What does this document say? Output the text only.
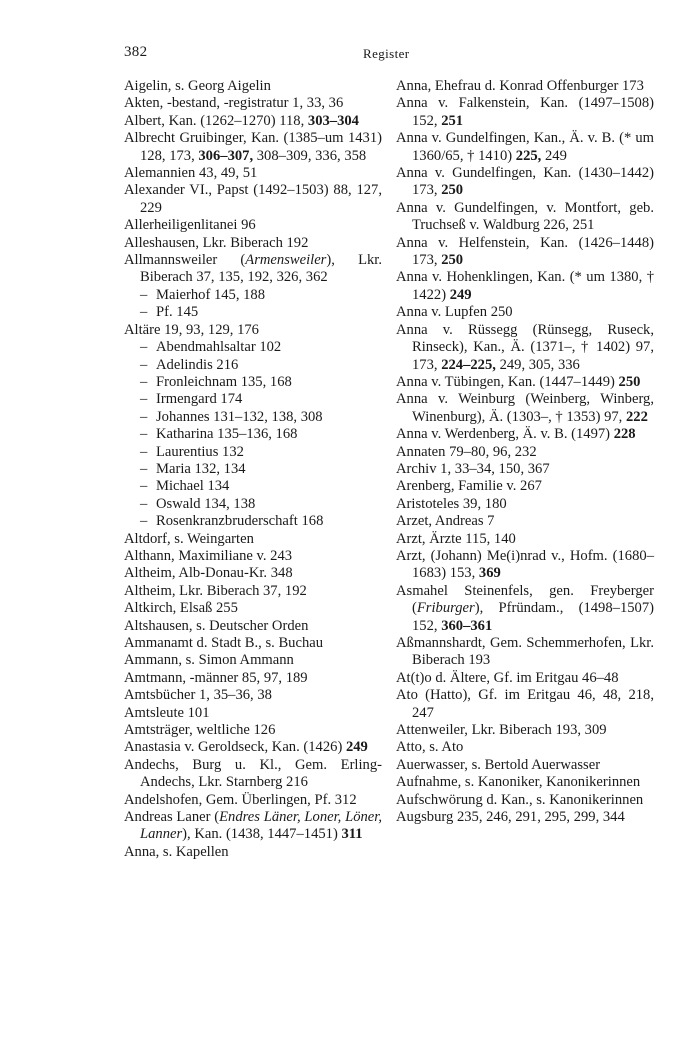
382	Register

Aigelin, s. Georg Aigelin

Akten, -bestand, -registratur 1, 33, 36

Albert, Kan. (1262–1270) 118, 303–304

Albrecht Gruibinger, Kan. (1385–um 1431) 128, 173, 306–307, 308–309, 336, 358

Alemannien 43, 49, 51

Alexander VI., Papst (1492–1503) 88, 127, 229

Allerheiligenlitanei 96

Alleshausen, Lkr. Biberach 192

Allmannsweiler (Armensweiler), Lkr. Biberach 37, 135, 192, 326, 362

– Maierhof 145, 188

– Pf. 145

Altäre 19, 93, 129, 176

– Abendmahlsaltar 102

– Adelindis 216

– Fronleichnam 135, 168

– Irmengard 174

– Johannes 131–132, 138, 308

– Katharina 135–136, 168

– Laurentius 132

– Maria 132, 134

– Michael 134

– Oswald 134, 138

– Rosenkranzbruderschaft 168

Altdorf, s. Weingarten

Althann, Maximiliane v. 243

Altheim, Alb-Donau-Kr. 348

Altheim, Lkr. Biberach 37, 192

Altkirch, Elsaß 255

Altshausen, s. Deutscher Orden

Ammanamt d. Stadt B., s. Buchau

Ammann, s. Simon Ammann

Amtmann, -männer 85, 97, 189

Amtsbücher 1, 35–36, 38

Amtsleute 101

Amtsträger, weltliche 126

Anastasia v. Geroldseck, Kan. (1426) 249

Andechs, Burg u. Kl., Gem. Erling-Andechs, Lkr. Starnberg 216

Andelshofen, Gem. Überlingen, Pf. 312

Andreas Laner (Endres Läner, Loner, Löner, Lanner), Kan. (1438, 1447–1451) 311

Anna, s. Kapellen

Anna, Ehefrau d. Konrad Offenburger 173

Anna v. Falkenstein, Kan. (1497–1508) 152, 251

Anna v. Gundelfingen, Kan., Ä. v. B. (* um 1360/65, † 1410) 225, 249

Anna v. Gundelfingen, Kan. (1430–1442) 173, 250

Anna v. Gundelfingen, v. Montfort, geb. Truchseß v. Waldburg 226, 251

Anna v. Helfenstein, Kan. (1426–1448) 173, 250

Anna v. Hohenklingen, Kan. (* um 1380, † 1422) 249

Anna v. Lupfen 250

Anna v. Rüssegg (Rünsegg, Ruseck, Rinseck), Kan., Ä. (1371–, † 1402) 97, 173, 224–225, 249, 305, 336

Anna v. Tübingen, Kan. (1447–1449) 250

Anna v. Weinburg (Weinberg, Winberg, Winenburg), Ä. (1303–, † 1353) 97, 222

Anna v. Werdenberg, Ä. v. B. (1497) 228

Annaten 79–80, 96, 232

Archiv 1, 33–34, 150, 367

Arenberg, Familie v. 267

Aristoteles 39, 180

Arzet, Andreas 7

Arzt, Ärzte 115, 140

Arzt, (Johann) Me(i)nrad v., Hofm. (1680–1683) 153, 369

Asmahel Steinenfels, gen. Freyberger (Friburger), Pfründam., (1498–1507) 152, 360–361

Aßmannshardt, Gem. Schemmerhofen, Lkr. Biberach 193

At(t)o d. Ältere, Gf. im Eritgau 46–48

Ato (Hatto), Gf. im Eritgau 46, 48, 218, 247

Attenweiler, Lkr. Biberach 193, 309

Atto, s. Ato

Auerwasser, s. Bertold Auerwasser

Aufnahme, s. Kanoniker, Kanonikerinnen

Aufschwörung d. Kan., s. Kanonikerinnen

Augsburg 235, 246, 291, 295, 299, 344
